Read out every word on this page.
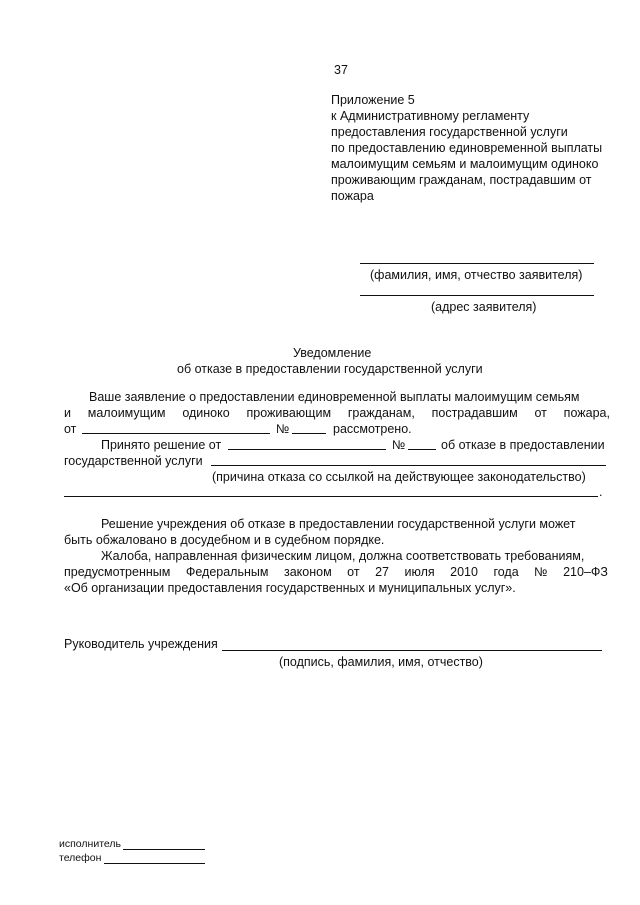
37
Приложение 5
к Административному регламенту
предоставления государственной услуги
по предоставлению единовременной выплаты
малоимущим семьям и малоимущим одиноко
проживающим гражданам, пострадавшим от
пожара
(фамилия, имя, отчество заявителя)
(адрес заявителя)
Уведомление
об отказе в предоставлении государственной услуги
Ваше заявление о предоставлении единовременной выплаты малоимущим семьям
и малоимущим одиноко проживающим гражданам, пострадавшим от пожара,
от	№	рассмотрено.
Принято решение от	№	об отказе в предоставлении
государственной услуги
(причина отказа со ссылкой на действующее законодательство)
.
Решение учреждения об отказе в предоставлении государственной услуги может
быть обжаловано в досудебном и в судебном порядке.
Жалоба, направленная физическим лицом, должна соответствовать требованиям,
предусмотренным Федеральным законом от 27 июля 2010 года № 210–ФЗ
«Об организации предоставления государственных и муниципальных услуг».
Руководитель учреждения
(подпись, фамилия, имя, отчество)
исполнитель
телефон
